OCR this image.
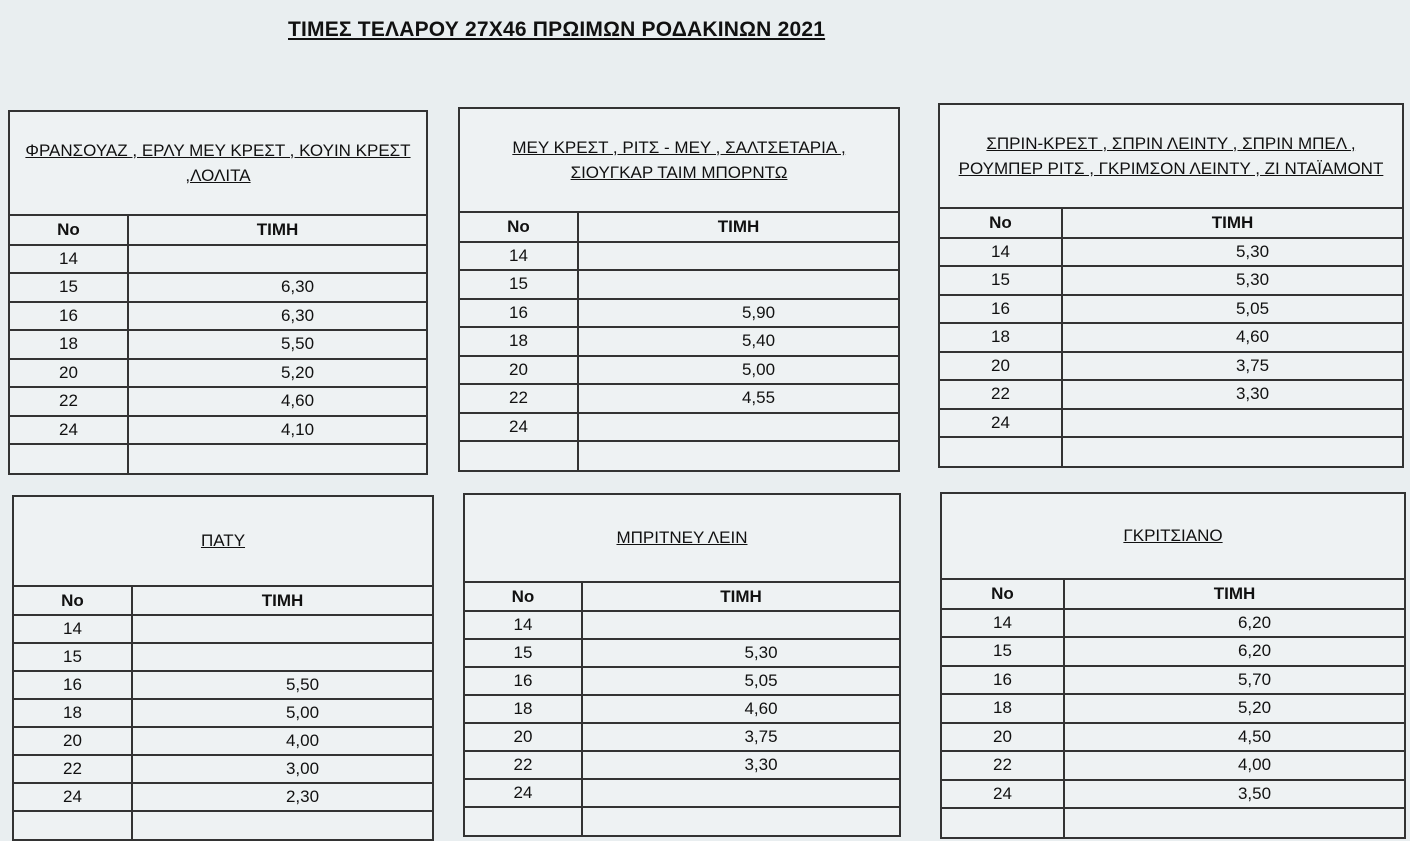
ΤΙΜΕΣ ΤΕΛΑΡΟΥ 27Χ46 ΠΡΩΙΜΩΝ ΡΟΔΑΚΙΝΩΝ 2021
ΦΡΑΝΣΟΥΑΖ , ΕΡΛΥ ΜΕΥ ΚΡΕΣΤ , ΚΟΥΙΝ ΚΡΕΣΤ ,ΛΟΛΙΤΑ
No	ΤΙΜΗ
14	
15	6,30
16	6,30
18	5,50
20	5,20
22	4,60
24	4,10

ΜΕΥ ΚΡΕΣΤ , ΡΙΤΣ - ΜΕΥ , ΣΑΛΤΣΕΤΑΡΙΑ , ΣΙΟΥΓΚΑΡ ΤΑΙΜ ΜΠΟΡΝΤΩ
No	ΤΙΜΗ
14	
15	
16	5,90
18	5,40
20	5,00
22	4,55
24	

ΣΠΡΙΝ-ΚΡΕΣΤ , ΣΠΡΙΝ ΛΕΙΝΤΥ , ΣΠΡΙΝ ΜΠΕΛ , ΡΟΥΜΠΕΡ ΡΙΤΣ , ΓΚΡΙΜΣΟΝ ΛΕΙΝΤΥ , ΖΙ ΝΤΑΪΑΜΟΝΤ
No	ΤΙΜΗ
14	5,30
15	5,30
16	5,05
18	4,60
20	3,75
22	3,30
24	

ΠΑΤΥ
No	ΤΙΜΗ
14	
15	
16	5,50
18	5,00
20	4,00
22	3,00
24	2,30

ΜΠΡΙΤΝΕΥ ΛΕΙΝ
No	ΤΙΜΗ
14	
15	5,30
16	5,05
18	4,60
20	3,75
22	3,30
24	

ΓΚΡΙΤΣΙΑΝΟ
No	ΤΙΜΗ
14	6,20
15	6,20
16	5,70
18	5,20
20	4,50
22	4,00
24	3,50
